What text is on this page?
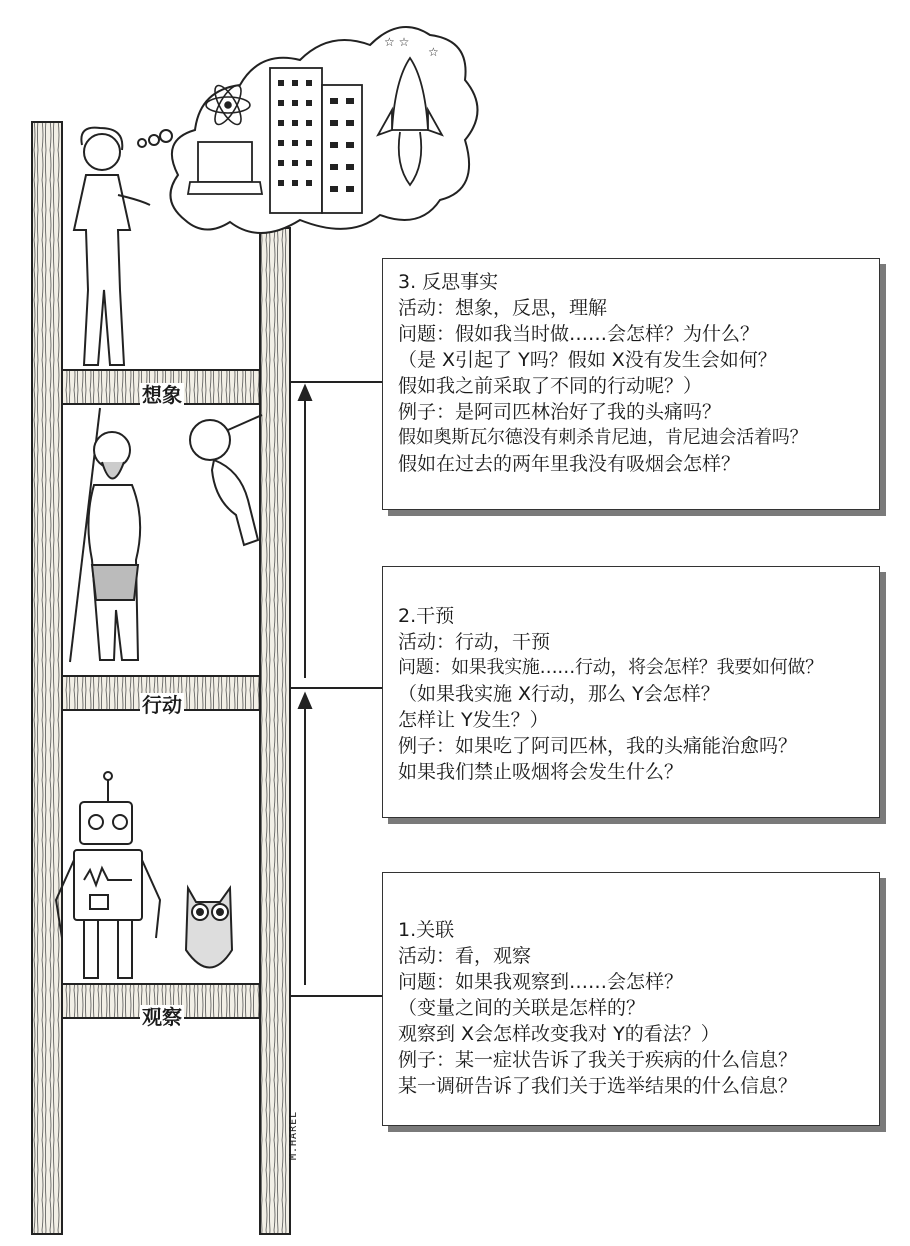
☆ ☆
☆
3. 反思事实
活动：想象，反思，理解
问题：假如我当时做……会怎样？为什么？
（是 X引起了 Y吗？假如 X没有发生会如何？
假如我之前采取了不同的行动呢？）
例子：是阿司匹林治好了我的头痛吗？
假如奥斯瓦尔德没有刺杀肯尼迪，肯尼迪会活着吗？
假如在过去的两年里我没有吸烟会怎样？
2.干预
活动：行动，干预
问题：如果我实施……行动，将会怎样？我要如何做？
（如果我实施 X行动，那么 Y会怎样？
怎样让 Y发生？）
例子：如果吃了阿司匹林，我的头痛能治愈吗？
如果我们禁止吸烟将会发生什么？
1.关联
活动：看，观察
问题：如果我观察到……会怎样？
（变量之间的关联是怎样的？
观察到 X会怎样改变我对 Y的看法？）
例子：某一症状告诉了我关于疾病的什么信息？
某一调研告诉了我们关于选举结果的什么信息？
想象
行动
观察
M.HAREL
